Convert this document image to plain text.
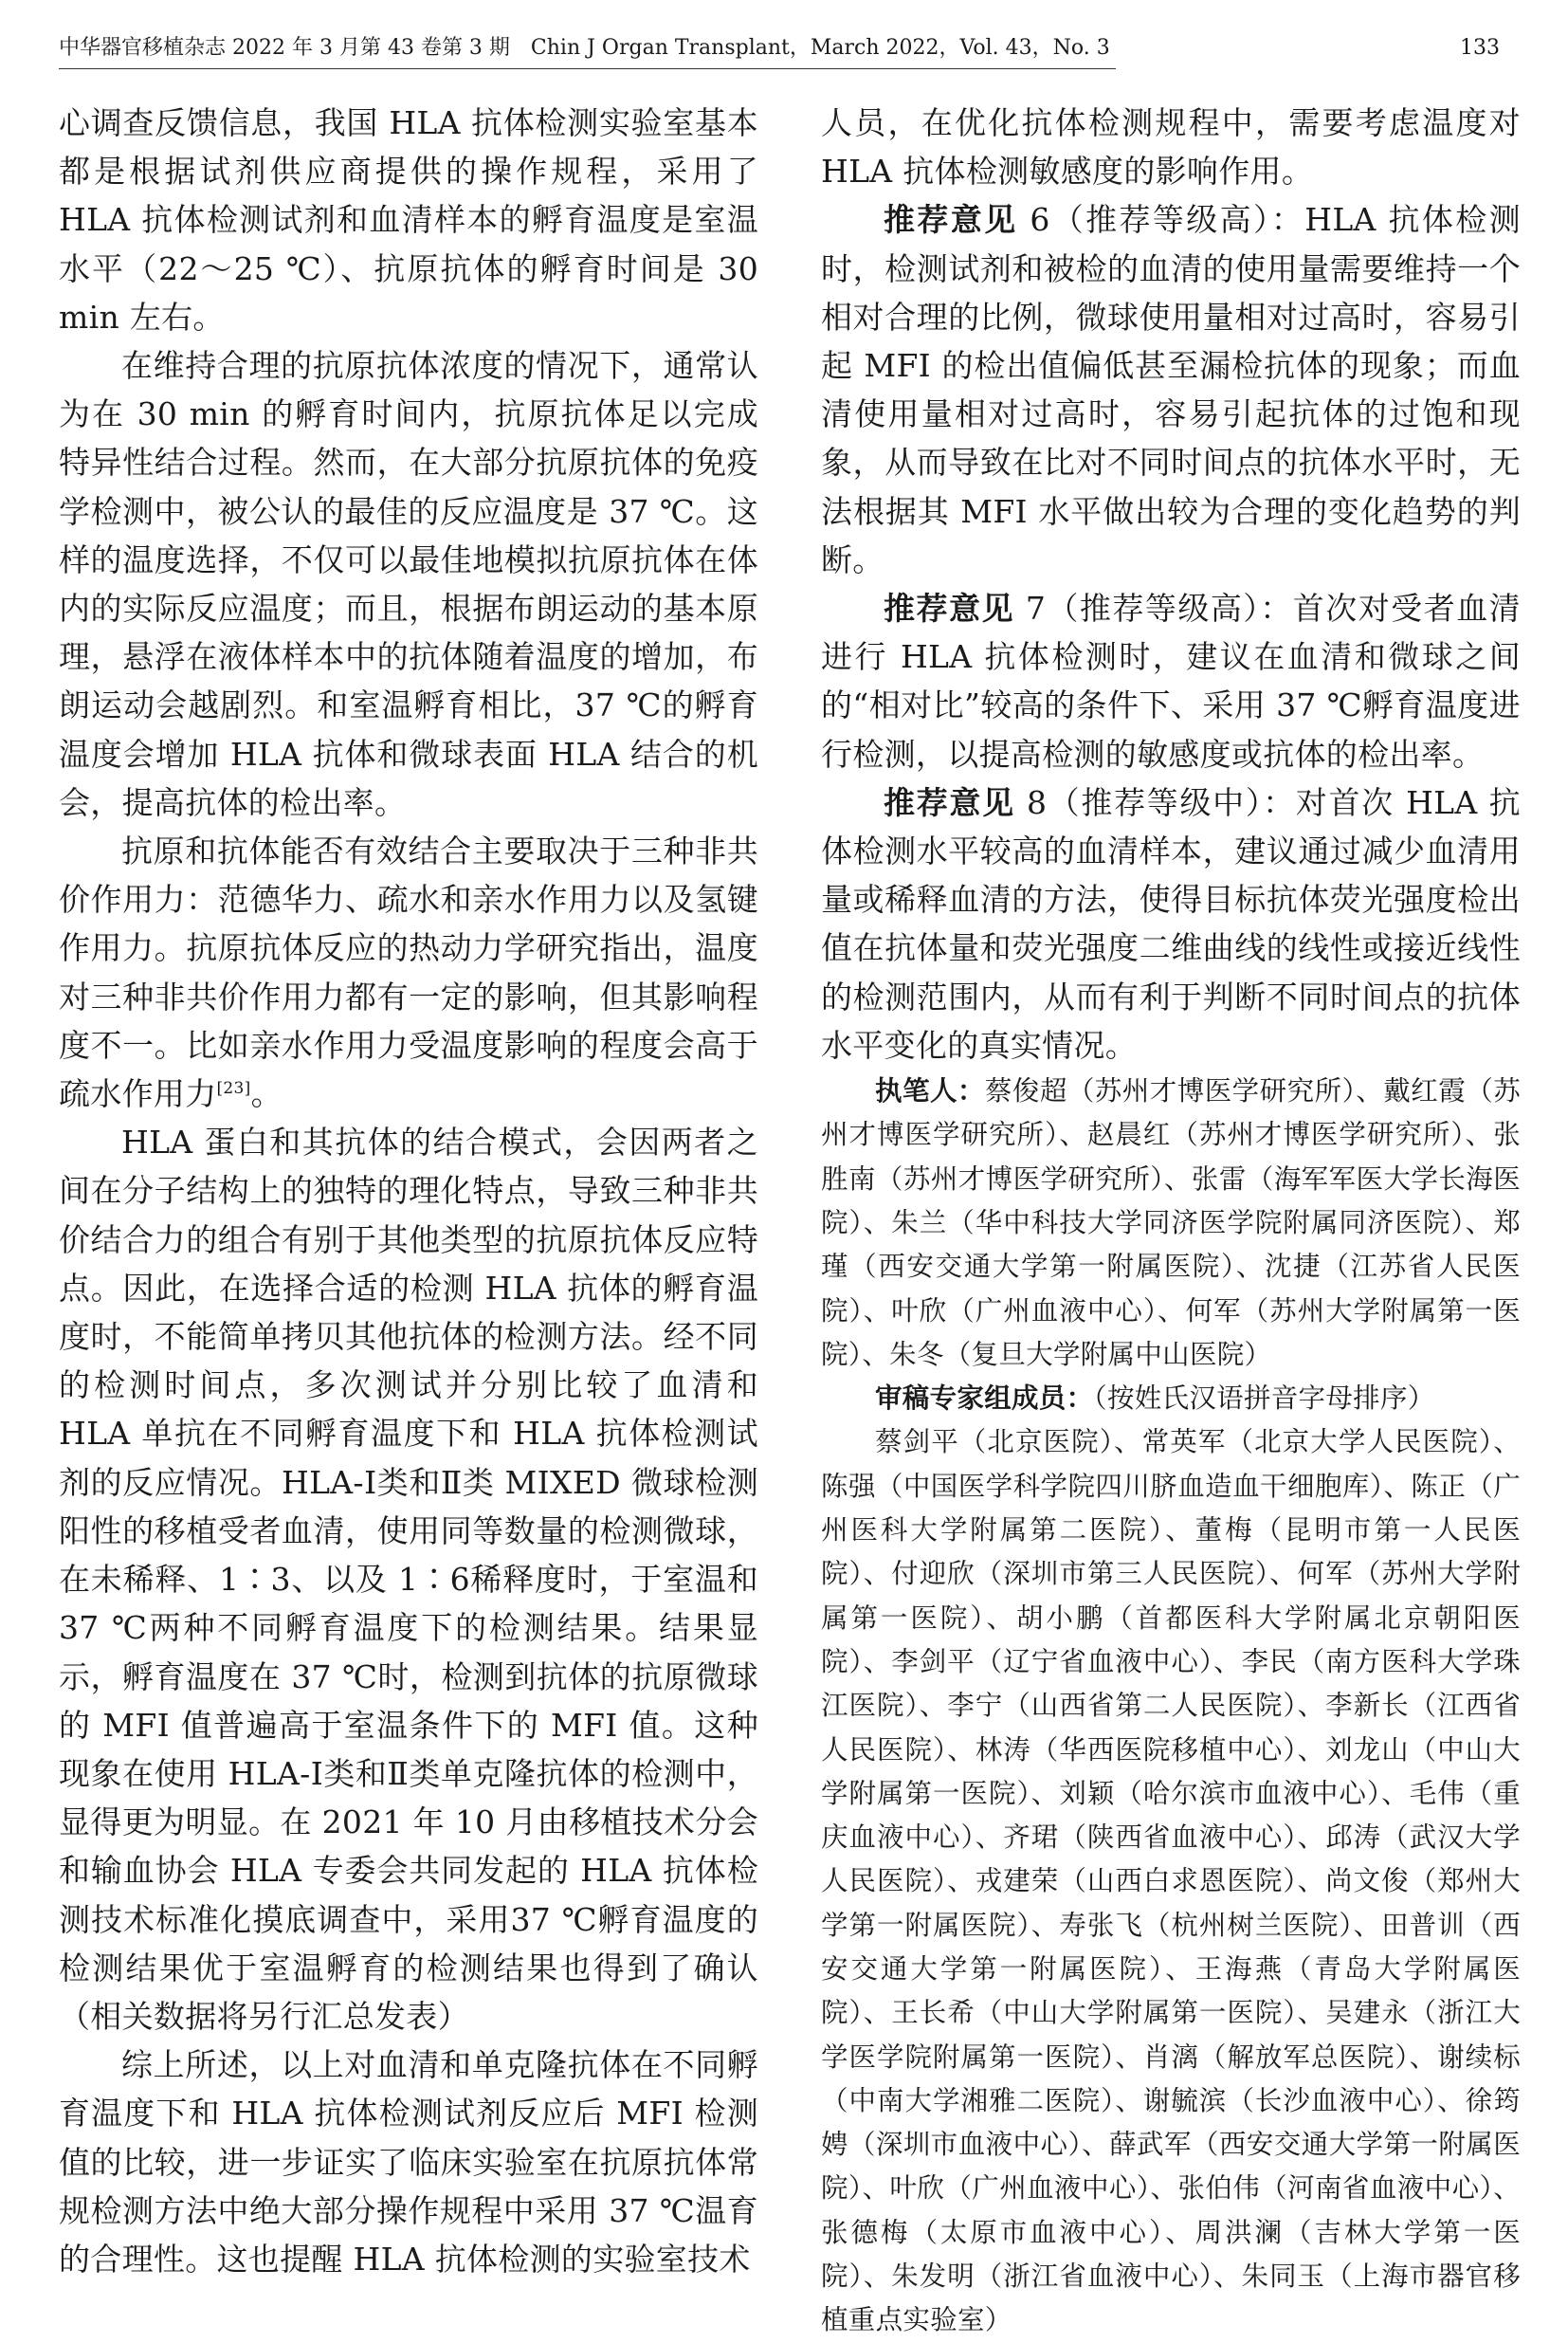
中华器官移植杂志 2022 年 3 月第 43 卷第 3 期　Chin J Organ Transplant，March 2022，Vol. 43，No. 3	133

心调查反馈信息，我国 HLA 抗体检测实验室基本都是根据试剂供应商提供的操作规程，采用了 HLA 抗体检测试剂和血清样本的孵育温度是室温水平（22～25 ℃）、抗原抗体的孵育时间是 30 min 左右。

在维持合理的抗原抗体浓度的情况下，通常认为在 30 min 的孵育时间内，抗原抗体足以完成特异性结合过程。然而，在大部分抗原抗体的免疫学检测中，被公认的最佳的反应温度是 37 ℃。这样的温度选择，不仅可以最佳地模拟抗原抗体在体内的实际反应温度；而且，根据布朗运动的基本原理，悬浮在液体样本中的抗体随着温度的增加，布朗运动会越剧烈。和室温孵育相比，37 ℃的孵育温度会增加 HLA 抗体和微球表面 HLA 结合的机会，提高抗体的检出率。

抗原和抗体能否有效结合主要取决于三种非共价作用力：范德华力、疏水和亲水作用力以及氢键作用力。抗原抗体反应的热动力学研究指出，温度对三种非共价作用力都有一定的影响，但其影响程度不一。比如亲水作用力受温度影响的程度会高于疏水作用力[23]。

HLA 蛋白和其抗体的结合模式，会因两者之间在分子结构上的独特的理化特点，导致三种非共价结合力的组合有别于其他类型的抗原抗体反应特点。因此，在选择合适的检测 HLA 抗体的孵育温度时，不能简单拷贝其他抗体的检测方法。经不同的检测时间点，多次测试并分别比较了血清和 HLA 单抗在不同孵育温度下和 HLA 抗体检测试剂的反应情况。HLA-Ⅰ类和Ⅱ类 MIXED 微球检测阳性的移植受者血清，使用同等数量的检测微球，在未稀释、1∶3、以及 1∶6稀释度时，于室温和 37 ℃两种不同孵育温度下的检测结果。结果显示，孵育温度在 37 ℃时，检测到抗体的抗原微球的 MFI 值普遍高于室温条件下的 MFI 值。这种现象在使用 HLA-Ⅰ类和Ⅱ类单克隆抗体的检测中，显得更为明显。在 2021 年 10 月由移植技术分会和输血协会 HLA 专委会共同发起的 HLA 抗体检测技术标准化摸底调查中，采用37 ℃孵育温度的检测结果优于室温孵育的检测结果也得到了确认（相关数据将另行汇总发表）

综上所述，以上对血清和单克隆抗体在不同孵育温度下和 HLA 抗体检测试剂反应后 MFI 检测值的比较，进一步证实了临床实验室在抗原抗体常规检测方法中绝大部分操作规程中采用 37 ℃温育的合理性。这也提醒 HLA 抗体检测的实验室技术

人员，在优化抗体检测规程中，需要考虑温度对 HLA 抗体检测敏感度的影响作用。

推荐意见 6（推荐等级高）：HLA 抗体检测时，检测试剂和被检的血清的使用量需要维持一个相对合理的比例，微球使用量相对过高时，容易引起 MFI 的检出值偏低甚至漏检抗体的现象；而血清使用量相对过高时，容易引起抗体的过饱和现象，从而导致在比对不同时间点的抗体水平时，无法根据其 MFI 水平做出较为合理的变化趋势的判断。

推荐意见 7（推荐等级高）：首次对受者血清进行 HLA 抗体检测时，建议在血清和微球之间的“相对比”较高的条件下、采用 37 ℃孵育温度进行检测，以提高检测的敏感度或抗体的检出率。

推荐意见 8（推荐等级中）：对首次 HLA 抗体检测水平较高的血清样本，建议通过减少血清用量或稀释血清的方法，使得目标抗体荧光强度检出值在抗体量和荧光强度二维曲线的线性或接近线性的检测范围内，从而有利于判断不同时间点的抗体水平变化的真实情况。

执笔人：蔡俊超（苏州才博医学研究所）、戴红霞（苏州才博医学研究所）、赵晨红（苏州才博医学研究所）、张胜南（苏州才博医学研究所）、张雷（海军军医大学长海医院）、朱兰（华中科技大学同济医学院附属同济医院）、郑瑾（西安交通大学第一附属医院）、沈捷（江苏省人民医院）、叶欣（广州血液中心）、何军（苏州大学附属第一医院）、朱冬（复旦大学附属中山医院）

审稿专家组成员：（按姓氏汉语拼音字母排序）

蔡剑平（北京医院）、常英军（北京大学人民医院）、陈强（中国医学科学院四川脐血造血干细胞库）、陈正（广州医科大学附属第二医院）、董梅（昆明市第一人民医院）、付迎欣（深圳市第三人民医院）、何军（苏州大学附属第一医院）、胡小鹏（首都医科大学附属北京朝阳医院）、李剑平（辽宁省血液中心）、李民（南方医科大学珠江医院）、李宁（山西省第二人民医院）、李新长（江西省人民医院）、林涛（华西医院移植中心）、刘龙山（中山大学附属第一医院）、刘颖（哈尔滨市血液中心）、毛伟（重庆血液中心）、齐珺（陕西省血液中心）、邱涛（武汉大学人民医院）、戎建荣（山西白求恩医院）、尚文俊（郑州大学第一附属医院）、寿张飞（杭州树兰医院）、田普训（西安交通大学第一附属医院）、王海燕（青岛大学附属医院）、王长希（中山大学附属第一医院）、吴建永（浙江大学医学院附属第一医院）、肖漓（解放军总医院）、谢续标（中南大学湘雅二医院）、谢毓滨（长沙血液中心）、徐筠娉（深圳市血液中心）、薛武军（西安交通大学第一附属医院）、叶欣（广州血液中心）、张伯伟（河南省血液中心）、张德梅（太原市血液中心）、周洪澜（吉林大学第一医院）、朱发明（浙江省血液中心）、朱同玉（上海市器官移植重点实验室）
